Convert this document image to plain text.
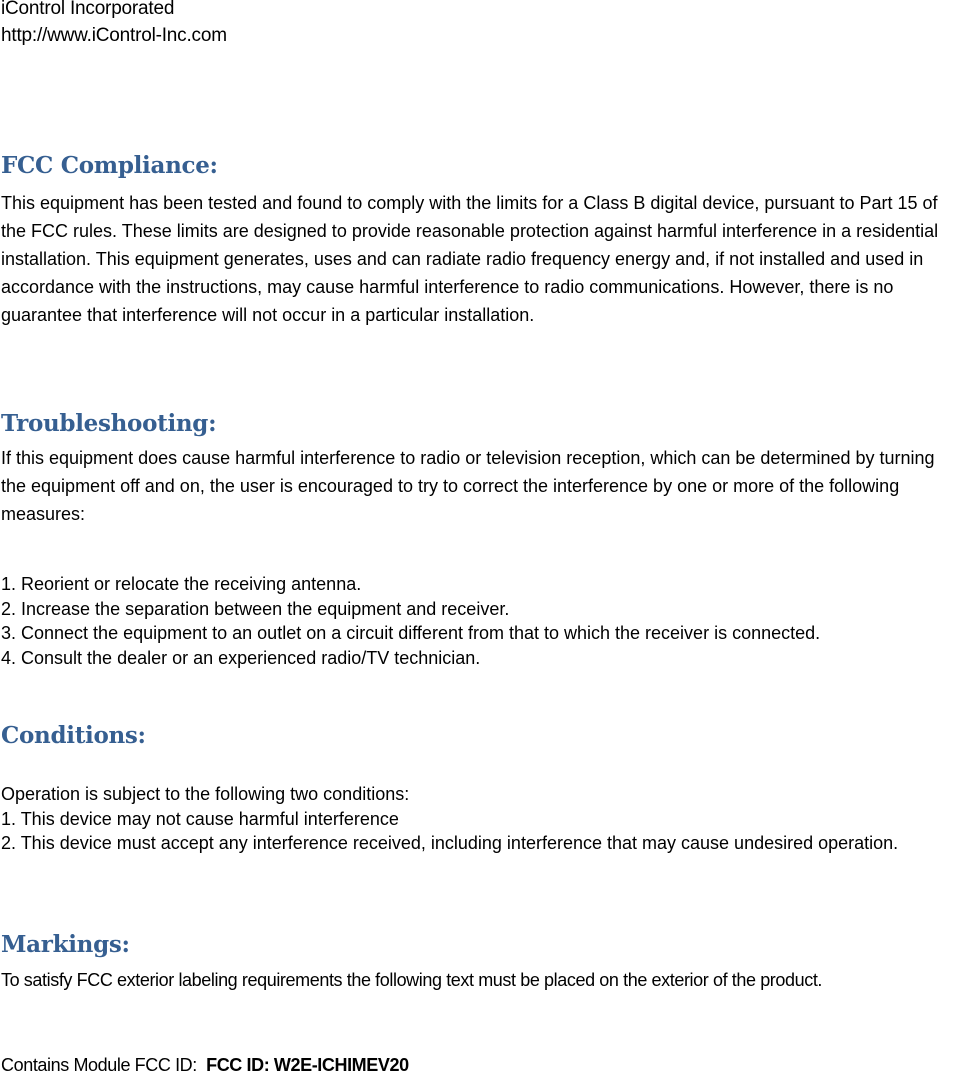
iControl Incorporated
http://www.iControl-Inc.com
FCC Compliance:

This equipment has been tested and found to comply with the limits for a Class B digital device, pursuant to Part 15 of the FCC rules. These limits are designed to provide reasonable protection against harmful interference in a residential installation. This equipment generates, uses and can radiate radio frequency energy and, if not installed and used in accordance with the instructions, may cause harmful interference to radio communications. However, there is no guarantee that interference will not occur in a particular installation.

Troubleshooting:

If this equipment does cause harmful interference to radio or television reception, which can be determined by turning the equipment off and on, the user is encouraged to try to correct the interference by one or more of the following measures:

1. Reorient or relocate the receiving antenna.
2. Increase the separation between the equipment and receiver.
3. Connect the equipment to an outlet on a circuit different from that to which the receiver is connected.
4. Consult the dealer or an experienced radio/TV technician.
Conditions:
Operation is subject to the following two conditions:
1. This device may not cause harmful interference
2. This device must accept any interference received, including interference that may cause undesired operation.
Markings:

To satisfy FCC exterior labeling requirements the following text must be placed on the exterior of the product.

Contains Module FCC ID: FCC ID: W2E-ICHIMEV20
